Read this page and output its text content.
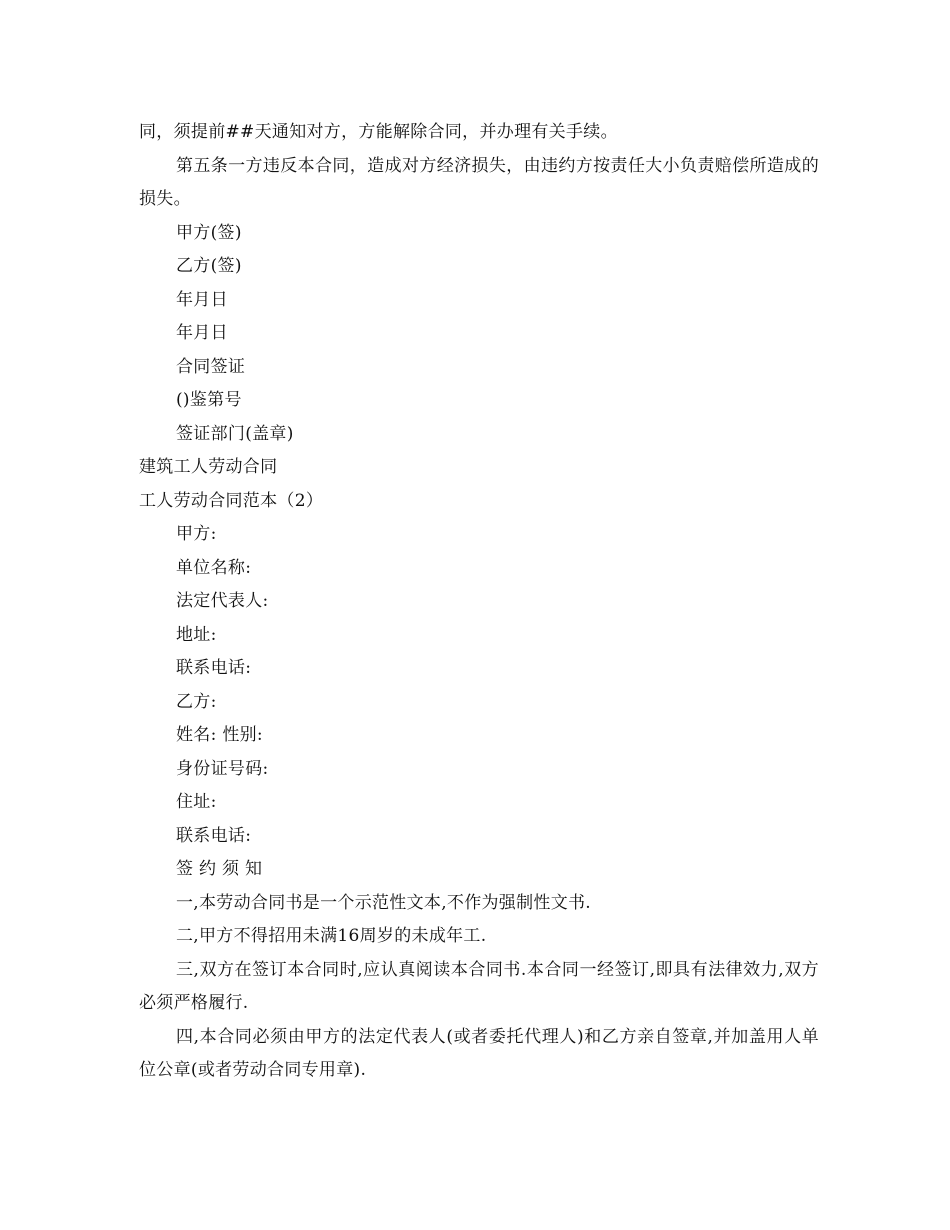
同，须提前##天通知对方，方能解除合同，并办理有关手续。
第五条一方违反本合同，造成对方经济损失，由违约方按责任大小负责赔偿所造成的损失。
甲方(签)
乙方(签)
年月日
年月日
合同签证
()鉴第号
签证部门(盖章)
建筑工人劳动合同
工人劳动合同范本（2）
甲方:
单位名称:
法定代表人:
地址:
联系电话:
乙方:
姓名: 性别:
身份证号码:
住址:
联系电话:
签 约 须 知
一,本劳动合同书是一个示范性文本,不作为强制性文书.
二,甲方不得招用未满16周岁的未成年工.
三,双方在签订本合同时,应认真阅读本合同书.本合同一经签订,即具有法律效力,双方必须严格履行.
四,本合同必须由甲方的法定代表人(或者委托代理人)和乙方亲自签章,并加盖用人单位公章(或者劳动合同专用章).
